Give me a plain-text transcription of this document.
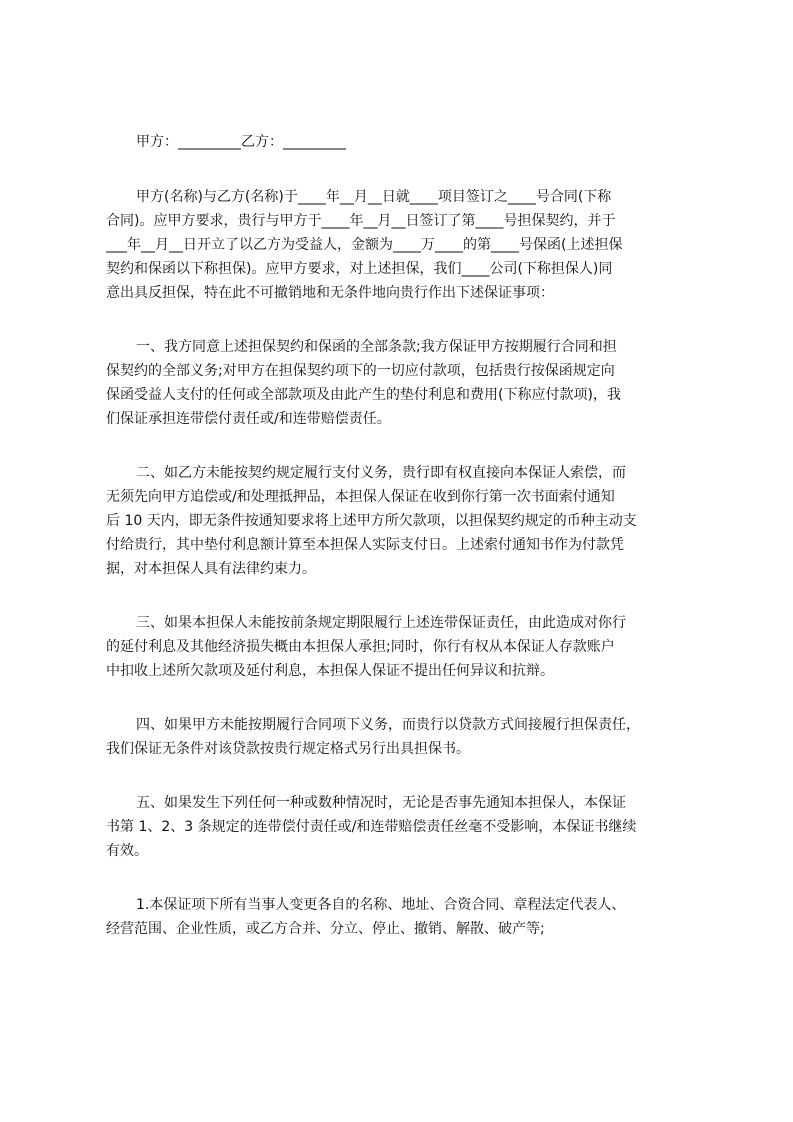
甲方：_________乙方：_________

甲方(名称)与乙方(名称)于____年__月__日就____项目签订之____号合同(下称
合同)。应甲方要求，贵行与甲方于____年__月__日签订了第____号担保契约，并于
___年__月__日开立了以乙方为受益人，金额为____万____的第____号保函(上述担保
契约和保函以下称担保)。应甲方要求，对上述担保，我们____公司(下称担保人)同
意出具反担保，特在此不可撤销地和无条件地向贵行作出下述保证事项：

一、我方同意上述担保契约和保函的全部条款;我方保证甲方按期履行合同和担
保契约的全部义务;对甲方在担保契约项下的一切应付款项，包括贵行按保函规定向
保函受益人支付的任何或全部款项及由此产生的垫付利息和费用(下称应付款项)，我
们保证承担连带偿付责任或/和连带赔偿责任。

二、如乙方未能按契约规定履行支付义务，贵行即有权直接向本保证人索偿，而
无须先向甲方追偿或/和处理抵押品，本担保人保证在收到你行第一次书面索付通知
后 10 天内，即无条件按通知要求将上述甲方所欠款项，以担保契约规定的币种主动支
付给贵行，其中垫付利息额计算至本担保人实际支付日。上述索付通知书作为付款凭
据，对本担保人具有法律约束力。

三、如果本担保人未能按前条规定期限履行上述连带保证责任，由此造成对你行
的延付利息及其他经济损失概由本担保人承担;同时，你行有权从本保证人存款账户
中扣收上述所欠款项及延付利息，本担保人保证不提出任何异议和抗辩。

四、如果甲方未能按期履行合同项下义务，而贵行以贷款方式间接履行担保责任，
我们保证无条件对该贷款按贵行规定格式另行出具担保书。

五、如果发生下列任何一种或数种情况时，无论是否事先通知本担保人，本保证
书第 1、2、3 条规定的连带偿付责任或/和连带赔偿责任丝毫不受影响，本保证书继续
有效。

1.本保证项下所有当事人变更各自的名称、地址、合资合同、章程法定代表人、
经营范围、企业性质，或乙方合并、分立、停止、撤销、解散、破产等;
